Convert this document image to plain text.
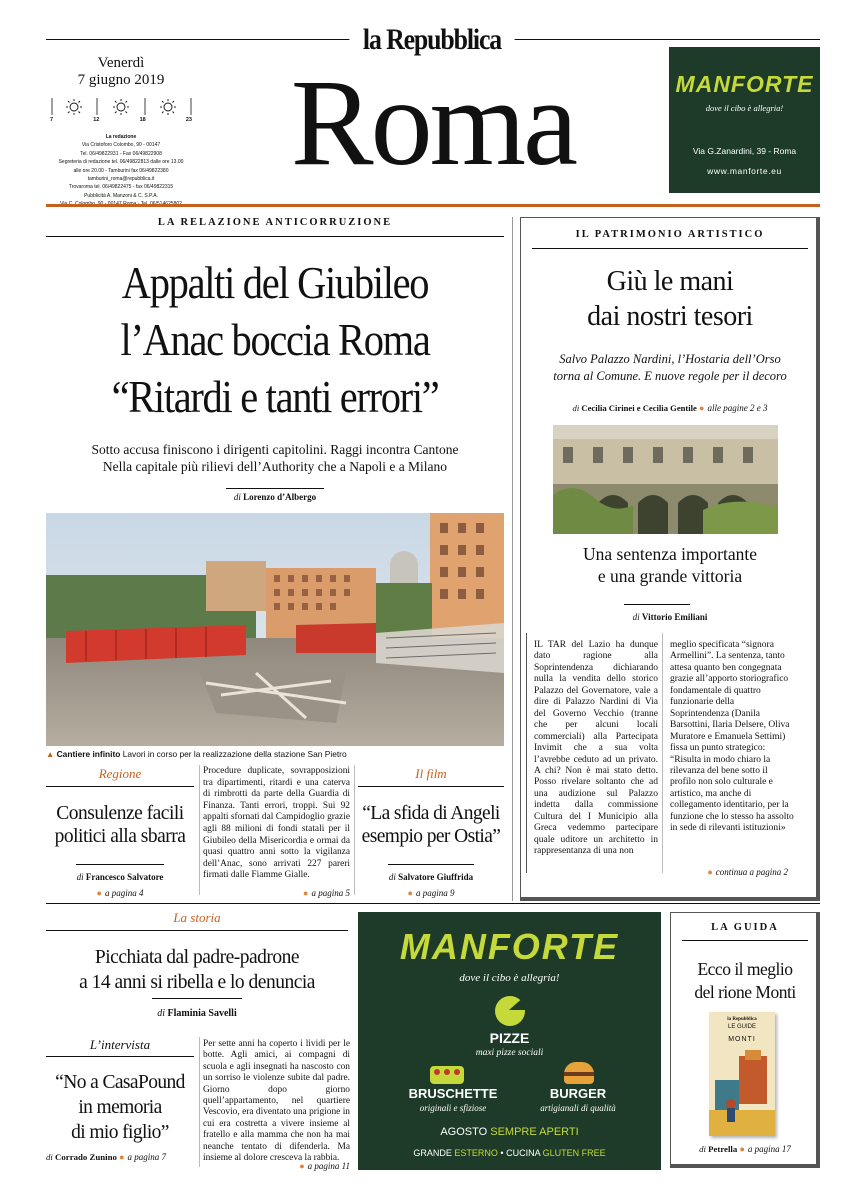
la Repubblica
Venerdì
7 giugno 2019
7	12	18	23
La redazione
Via Cristoforo Colombo, 90 - 00147
Tel. 06/49822931 - Fax 06/49822908
Segreteria di redazione tel. 06/49822813 dalle ore 13.00
alle ore 20.00 - Tamburini fax 06/49822380
tamburini_roma@repubblica.it
Trovaroma tel. 06/49822475 - fax 06/49822315
Pubblicità A. Manzoni & C. S.P.A.
Roma	MANFORTE
dove il cibo è allegria!
Via G.Zanardini, 39 - Roma
www.manforte.eu
LA RELAZIONE ANTICORRUZIONE
Appalti del Giubileo
l’Anac boccia Roma
“Ritardi e tanti errori”
Sotto accusa finiscono i dirigenti capitolini. Raggi incontra Cantone
Nella capitale più rilievi dell’Authority che a Napoli e a Milano
di Lorenzo d’Albergo
▲ Cantiere infinito Lavori in corso per la realizzazione della stazione San Pietro
Regione
Consulenze facili
politici alla sbarra
di Francesco Salvatore
● a pagina 4
Procedure duplicate, sovrapposizioni tra dipartimenti, ritardi e una caterva di rimbrotti da parte della Guardia di Finanza. Tanti errori, troppi. Sui 92 appalti sfornati dal Campidoglio grazie agli 88 milioni di fondi statali per il Giubileo della Misericordia e ormai da quasi quattro anni sotto la vigilanza dell’Anac, sono arrivati 227 pareri firmati dalle Fiamme Gialle.
● a pagina 5
Il film
“La sfida di Angeli
esempio per Ostia”
di Salvatore Giuffrida
● a pagina 9
IL PATRIMONIO ARTISTICO
Giù le mani
dai nostri tesori
Salvo Palazzo Nardini, l’Hostaria dell’Orso
torna al Comune. E nuove regole per il decoro
di Cecilia Cirinei e Cecilia Gentile ● alle pagine 2 e 3
Una sentenza importante
e una grande vittoria
di Vittorio Emiliani
IL TAR del Lazio ha dunque dato ragione alla Soprintendenza dichiarando nulla la vendita dello storico Palazzo del Governatore, vale a dire di Palazzo Nardini di Via del Governo Vecchio (tranne che per alcuni locali commerciali) alla Partecipata Invimit che a sua volta l’avrebbe ceduto ad un privato. A chi? Non è mai stato detto. Posso rivelare soltanto che ad una audizione sul Palazzo indetta dalla commissione Cultura del I Municipio alla Greca vedemmo partecipare quale uditore un architetto in rappresentanza di una non
meglio specificata “signora Armellini”. La sentenza, tanto attesa quanto ben congegnata grazie all’apporto storiografico fondamentale di quattro funzionarie della Soprintendenza (Danila Barsottini, Ilaria Delsere, Oliva Muratore e Emanuela Settimi) fissa un punto strategico: “Risulta in modo chiaro la rilevanza del bene sotto il profilo non solo culturale e artistico, ma anche di collegamento identitario, per la funzione che lo stesso ha assolto in sede di rilevanti istituzioni»
● continua a pagina 2
La storia
Picchiata dal padre-padrone
a 14 anni si ribella e lo denuncia
di Flaminia Savelli
L’intervista
“No a CasaPound
in memoria
di mio figlio”
di Corrado Zunino ● a pagina 7
Per sette anni ha coperto i lividi per le botte. Agli amici, ai compagni di scuola e agli insegnati ha nascosto con un sorriso le violenze subite dal padre. Giorno dopo giorno quell’appartamento, nel quartiere Vescovio, era diventato una prigione in cui era costretta a vivere insieme al fratello e alla mamma che non ha mai neanche tentato di difenderla. Ma insieme al dolore cresceva la rabbia.
● a pagina 11
MANFORTE
dove il cibo è allegria!
PIZZE
maxi pizze sociali
BRUSCHETTE
originali e sfiziose
BURGER
artigianali di qualità
AGOSTO SEMPRE APERTI
GRANDE ESTERNO • CUCINA GLUTEN FREE
LA GUIDA
Ecco il meglio
del rione Monti
la Repubblica
LE GUIDE
MONTI
di Petrella ● a pagina 17
